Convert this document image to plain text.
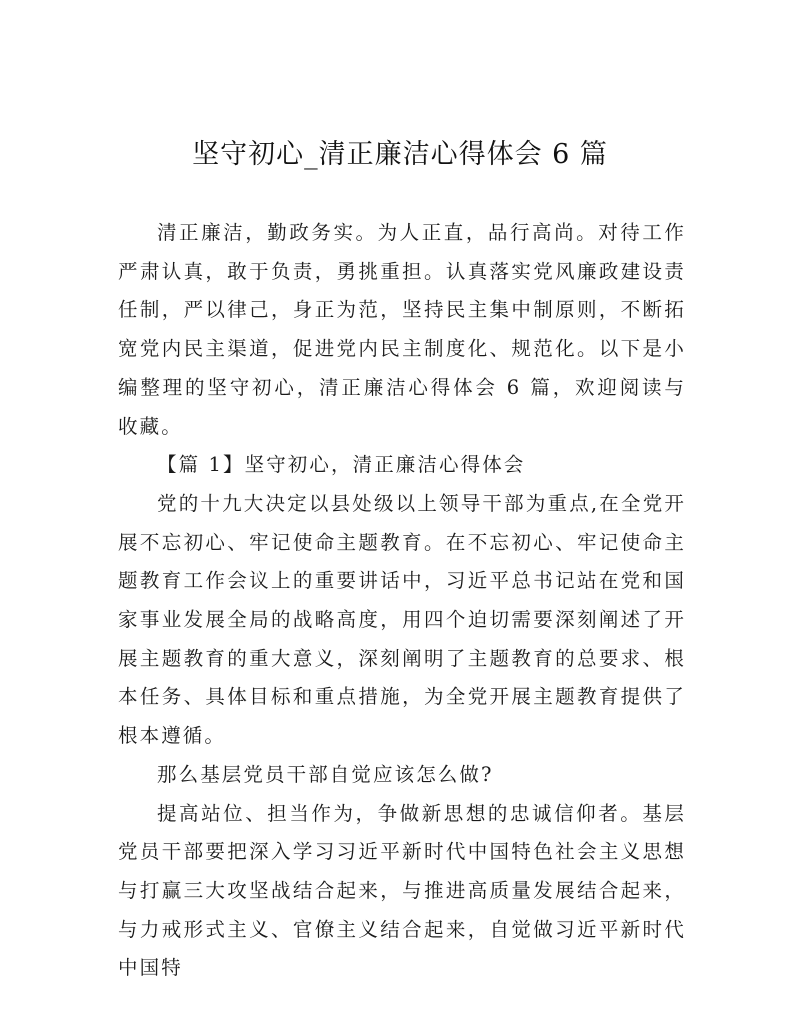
坚守初心_清正廉洁心得体会 6 篇

清正廉洁，勤政务实。为人正直，品行高尚。对待工作严肃认真，敢于负责，勇挑重担。认真落实党风廉政建设责任制，严以律己，身正为范，坚持民主集中制原则，不断拓宽党内民主渠道，促进党内民主制度化、规范化。以下是小编整理的坚守初心，清正廉洁心得体会 6 篇，欢迎阅读与收藏。

【篇 1】坚守初心，清正廉洁心得体会

党的十九大决定以县处级以上领导干部为重点,在全党开展不忘初心、牢记使命主题教育。在不忘初心、牢记使命主题教育工作会议上的重要讲话中，习近平总书记站在党和国家事业发展全局的战略高度，用四个迫切需要深刻阐述了开展主题教育的重大意义，深刻阐明了主题教育的总要求、根本任务、具体目标和重点措施，为全党开展主题教育提供了根本遵循。

那么基层党员干部自觉应该怎么做?

提高站位、担当作为，争做新思想的忠诚信仰者。基层党员干部要把深入学习习近平新时代中国特色社会主义思想与打赢三大攻坚战结合起来，与推进高质量发展结合起来，与力戒形式主义、官僚主义结合起来，自觉做习近平新时代中国特
